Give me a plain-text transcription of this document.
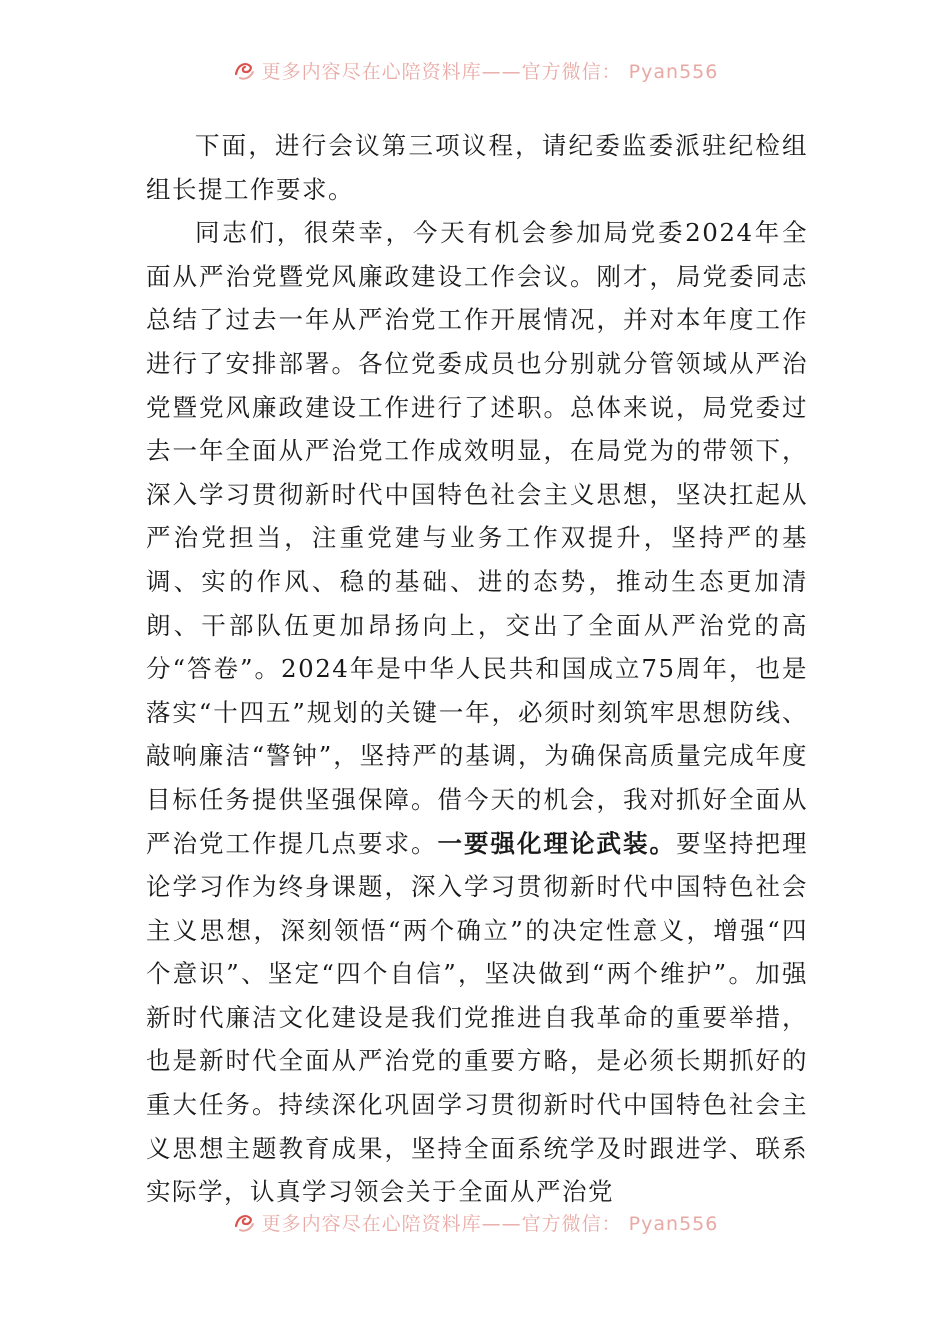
更多内容尽在心陪资料库——官方微信： Pyan556

下面，进行会议第三项议程，请纪委监委派驻纪检组组长提工作要求。

同志们，很荣幸，今天有机会参加局党委2024年全面从严治党暨党风廉政建设工作会议。刚才，局党委同志总结了过去一年从严治党工作开展情况，并对本年度工作进行了安排部署。各位党委成员也分别就分管领域从严治党暨党风廉政建设工作进行了述职。总体来说，局党委过去一年全面从严治党工作成效明显，在局党为的带领下，深入学习贯彻新时代中国特色社会主义思想，坚决扛起从严治党担当，注重党建与业务工作双提升，坚持严的基调、实的作风、稳的基础、进的态势，推动生态更加清朗、干部队伍更加昂扬向上，交出了全面从严治党的高分“答卷”。2024年是中华人民共和国成立75周年，也是落实“十四五”规划的关键一年，必须时刻筑牢思想防线、敲响廉洁“警钟”，坚持严的基调，为确保高质量完成年度目标任务提供坚强保障。借今天的机会，我对抓好全面从严治党工作提几点要求。一要强化理论武装。要坚持把理论学习作为终身课题，深入学习贯彻新时代中国特色社会主义思想，深刻领悟“两个确立”的决定性意义，增强“四个意识”、坚定“四个自信”，坚决做到“两个维护”。加强新时代廉洁文化建设是我们党推进自我革命的重要举措，也是新时代全面从严治党的重要方略，是必须长期抓好的重大任务。持续深化巩固学习贯彻新时代中国特色社会主义思想主题教育成果，坚持全面系统学及时跟进学、联系实际学，认真学习领会关于全面从严治党

更多内容尽在心陪资料库——官方微信： Pyan556
